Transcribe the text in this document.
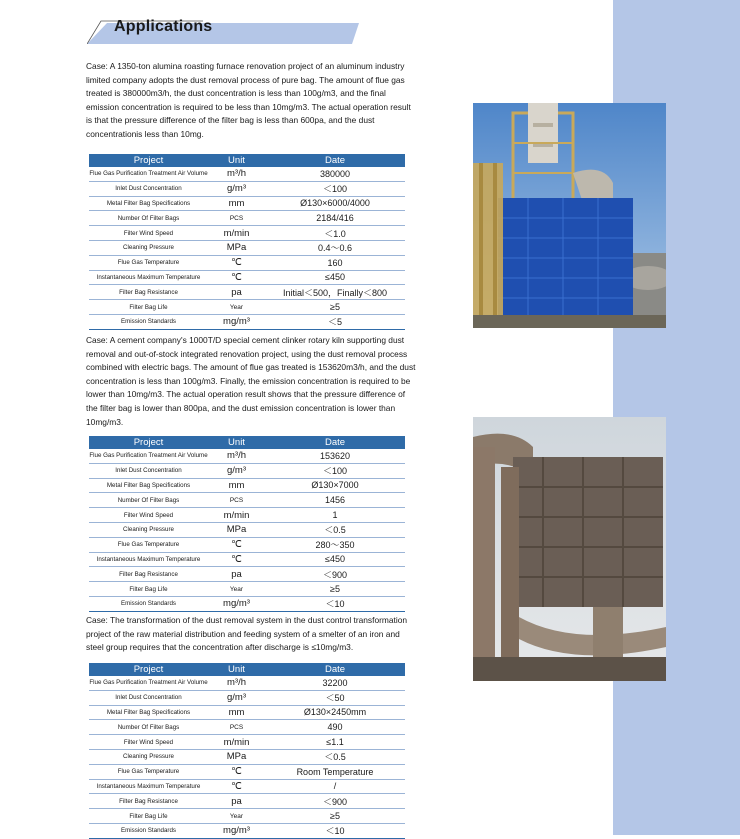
Applications
Case: A 1350-ton alumina roasting furnace renovation project of an aluminum industry limited company adopts the dust removal process of pure bag. The amount of flue gas treated is 380000m3/h, the dust concentration is less than 100g/m3, and the final emission concentration is required to be less than 10mg/m3. The actual operation result is that the pressure difference of the filter bag is less than 600pa, and the dust concentrationis less than 10mg.
Project	Unit	Date
Flue Gas Purification Treatment Air Volume	m³/h	380000
Inlet Dust Concentration	g/m³	＜100
Metal Filter Bag Specifications	mm	Ø130×6000/4000
Number Of Filter Bags	PCS	2184/416
Filter Wind Speed	m/min	＜1.0
Cleaning Pressure	MPa	0.4～0.6
Flue Gas Temperature	℃	160
Instantaneous Maximum Temperature	℃	≤450
Filter Bag Resistance	pa	Initial＜500，Finally＜800
Filter Bag Life	Year	≥5
Emission Standards	mg/m³	＜5
Case: A cement company's 1000T/D special cement clinker rotary kiln supporting dust removal and out-of-stock integrated renovation project, using the dust removal process combined with electric bags. The amount of flue gas treated is 153620m3/h, and the dust concentration is less than 100g/m3. Finally, the emission concentration is required to be lower than 10mg/m3. The actual operation result shows that the pressure difference of the filter bag is lower than 800pa, and the dust emission concentration is lower than 10mg/m3.
Project	Unit	Date
Flue Gas Purification Treatment Air Volume	m³/h	153620
Inlet Dust Concentration	g/m³	＜100
Metal Filter Bag Specifications	mm	Ø130×7000
Number Of Filter Bags	PCS	1456
Filter Wind Speed	m/min	1
Cleaning Pressure	MPa	＜0.5
Flue Gas Temperature	℃	280～350
Instantaneous Maximum Temperature	℃	≤450
Filter Bag Resistance	pa	＜900
Filter Bag Life	Year	≥5
Emission Standards	mg/m³	＜10
Case: The transformation of the dust removal system in the dust control transformation project of the raw material distribution and feeding system of a smelter of an iron and steel group requires that the concentration after discharge is ≤10mg/m3.
Project	Unit	Date
Flue Gas Purification Treatment Air Volume	m³/h	32200
Inlet Dust Concentration	g/m³	＜50
Metal Filter Bag Specifications	mm	Ø130×2450mm
Number Of Filter Bags	PCS	490
Filter Wind Speed	m/min	≤1.1
Cleaning Pressure	MPa	＜0.5
Flue Gas Temperature	℃	Room Temperature
Instantaneous Maximum Temperature	℃	/
Filter Bag Resistance	pa	＜900
Filter Bag Life	Year	≥5
Emission Standards	mg/m³	＜10
